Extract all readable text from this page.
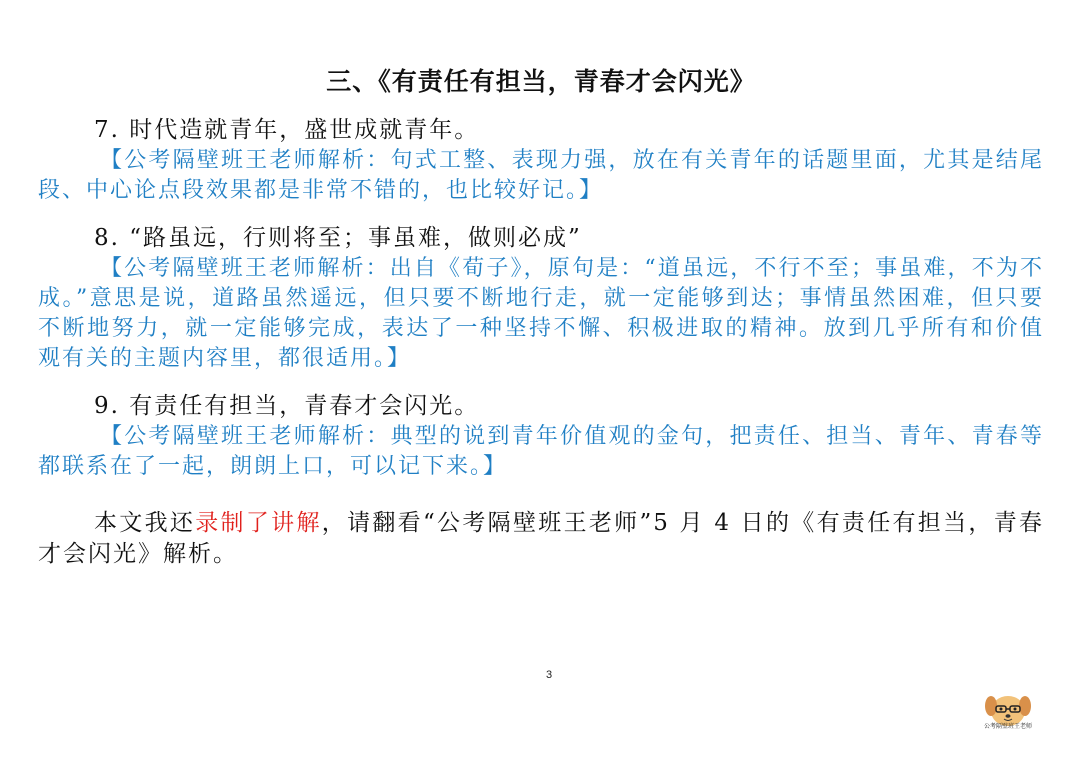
三、《有责任有担当，青春才会闪光》
7. 时代造就青年，盛世成就青年。
【公考隔壁班王老师解析：句式工整、表现力强，放在有关青年的话题里面，尤其是结尾段、中心论点段效果都是非常不错的，也比较好记。】
8. “路虽远，行则将至；事虽难，做则必成”
【公考隔壁班王老师解析：出自《荀子》，原句是：“道虽远，不行不至；事虽难，不为不成。”意思是说，道路虽然遥远，但只要不断地行走，就一定能够到达；事情虽然困难，但只要不断地努力，就一定能够完成，表达了一种坚持不懈、积极进取的精神。放到几乎所有和价值观有关的主题内容里，都很适用。】
9. 有责任有担当，青春才会闪光。
【公考隔壁班王老师解析：典型的说到青年价值观的金句，把责任、担当、青年、青春等都联系在了一起，朗朗上口，可以记下来。】
本文我还录制了讲解，请翻看“公考隔壁班王老师”5 月 4 日的《有责任有担当，青春才会闪光》解析。
3
公考隔壁班王老师
